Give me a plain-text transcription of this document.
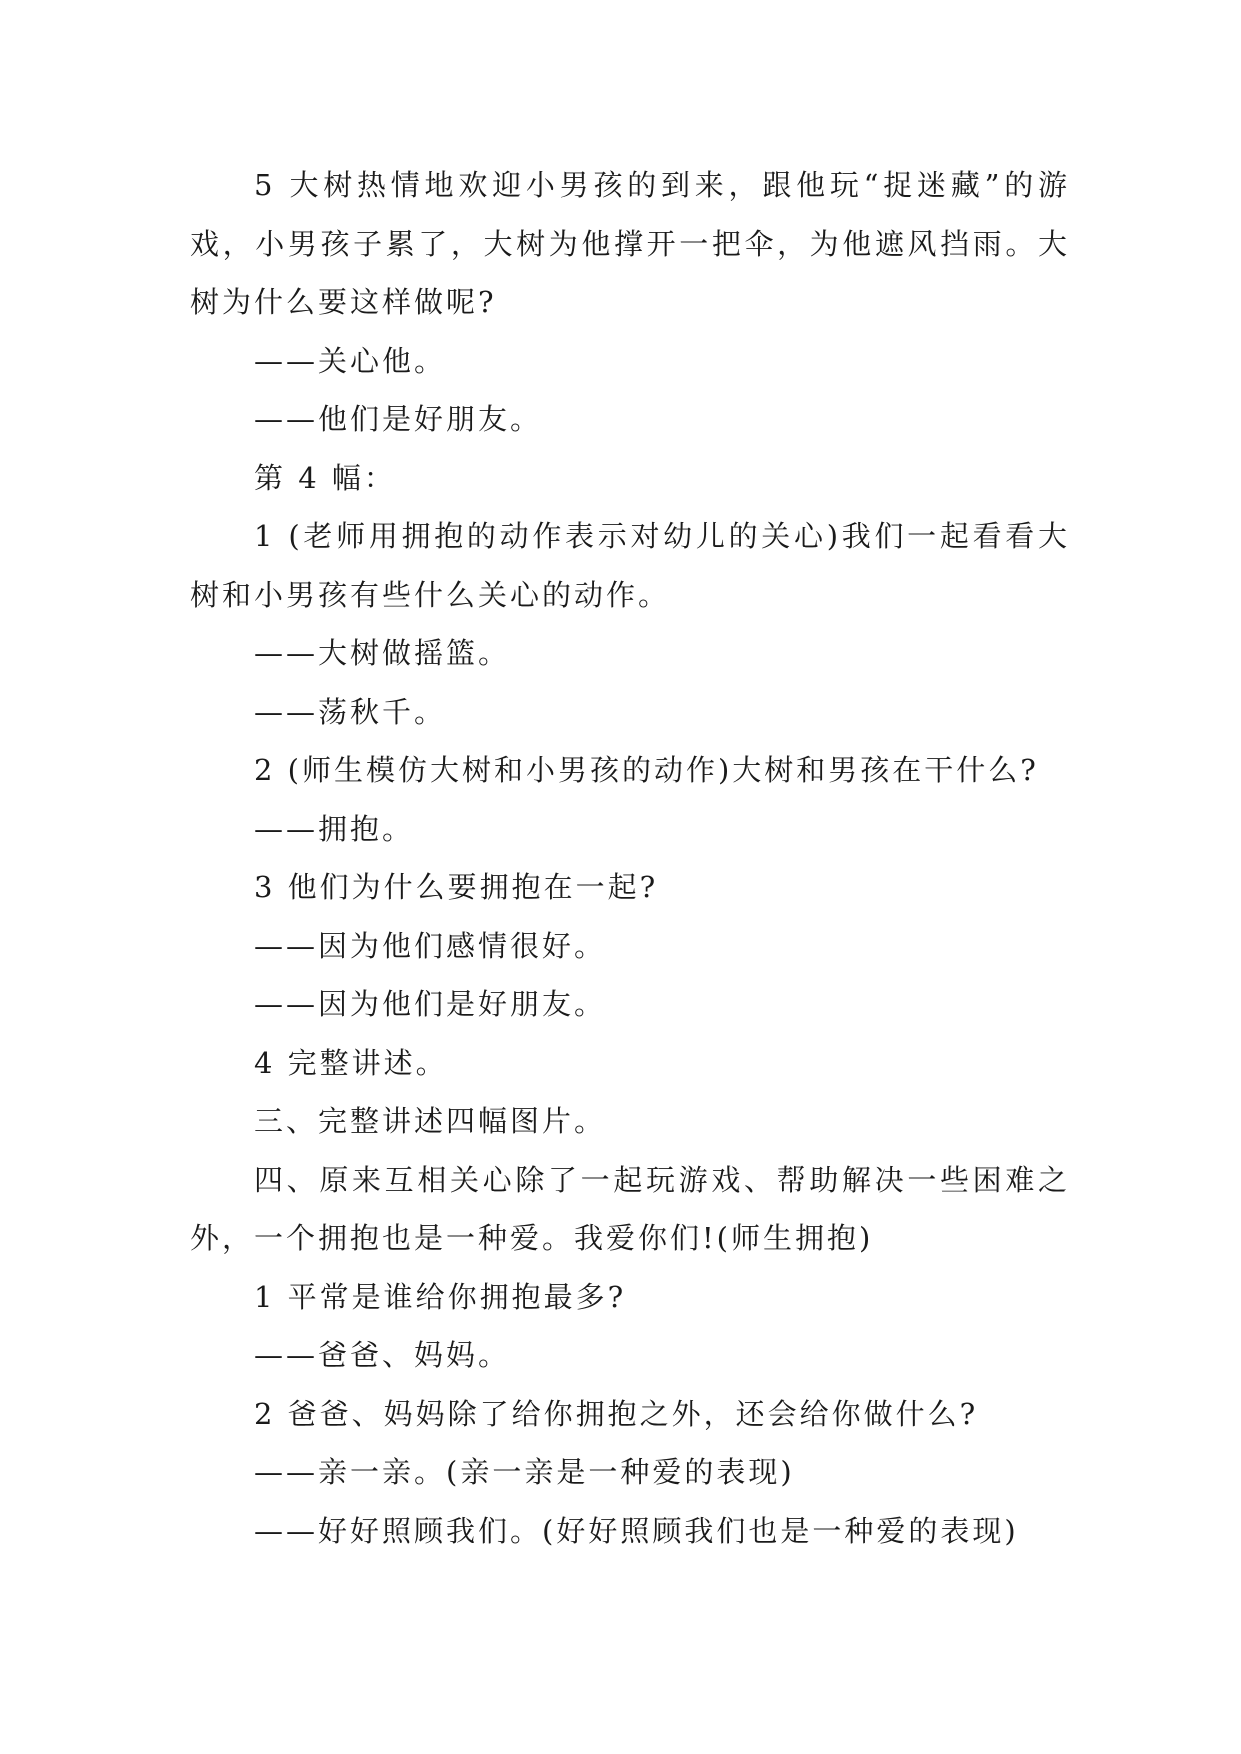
5 大树热情地欢迎小男孩的到来，跟他玩“捉迷藏”的游戏，小男孩子累了，大树为他撑开一把伞，为他遮风挡雨。大树为什么要这样做呢?

——关心他。

——他们是好朋友。

第 4 幅：

1 (老师用拥抱的动作表示对幼儿的关心)我们一起看看大树和小男孩有些什么关心的动作。

——大树做摇篮。

——荡秋千。

2 (师生模仿大树和小男孩的动作)大树和男孩在干什么?

——拥抱。

3 他们为什么要拥抱在一起?

——因为他们感情很好。

——因为他们是好朋友。

4 完整讲述。

三、完整讲述四幅图片。

四、原来互相关心除了一起玩游戏、帮助解决一些困难之外，一个拥抱也是一种爱。我爱你们!(师生拥抱)

1 平常是谁给你拥抱最多?

——爸爸、妈妈。

2 爸爸、妈妈除了给你拥抱之外，还会给你做什么?

——亲一亲。(亲一亲是一种爱的表现)

——好好照顾我们。(好好照顾我们也是一种爱的表现)
